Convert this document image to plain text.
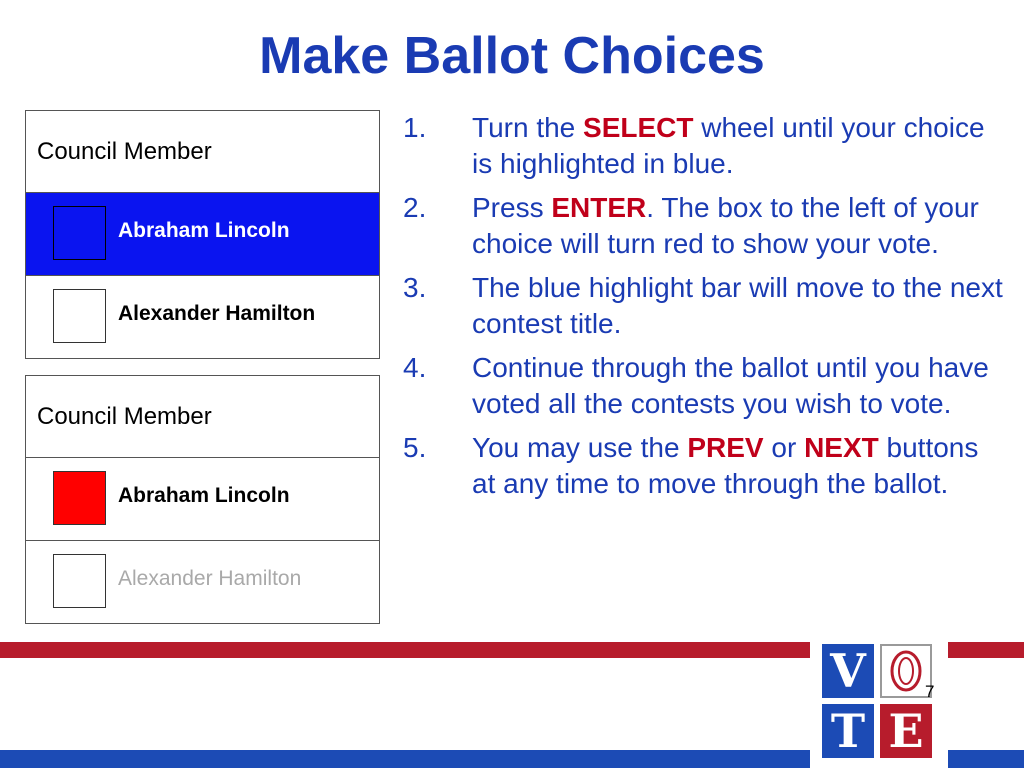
Make Ballot Choices
Council Member
Abraham Lincoln
Alexander Hamilton
Council Member
Abraham Lincoln
Alexander Hamilton
1. Turn the SELECT wheel until your choice is highlighted in blue.
2. Press ENTER. The box to the left of your choice will turn red to show your vote.
3. The blue highlight bar will move to the next contest title.
4. Continue through the ballot until you have voted all the contests you wish to vote.
5. You may use the PREV or NEXT buttons at any time to move through the ballot.
V
T E
7
